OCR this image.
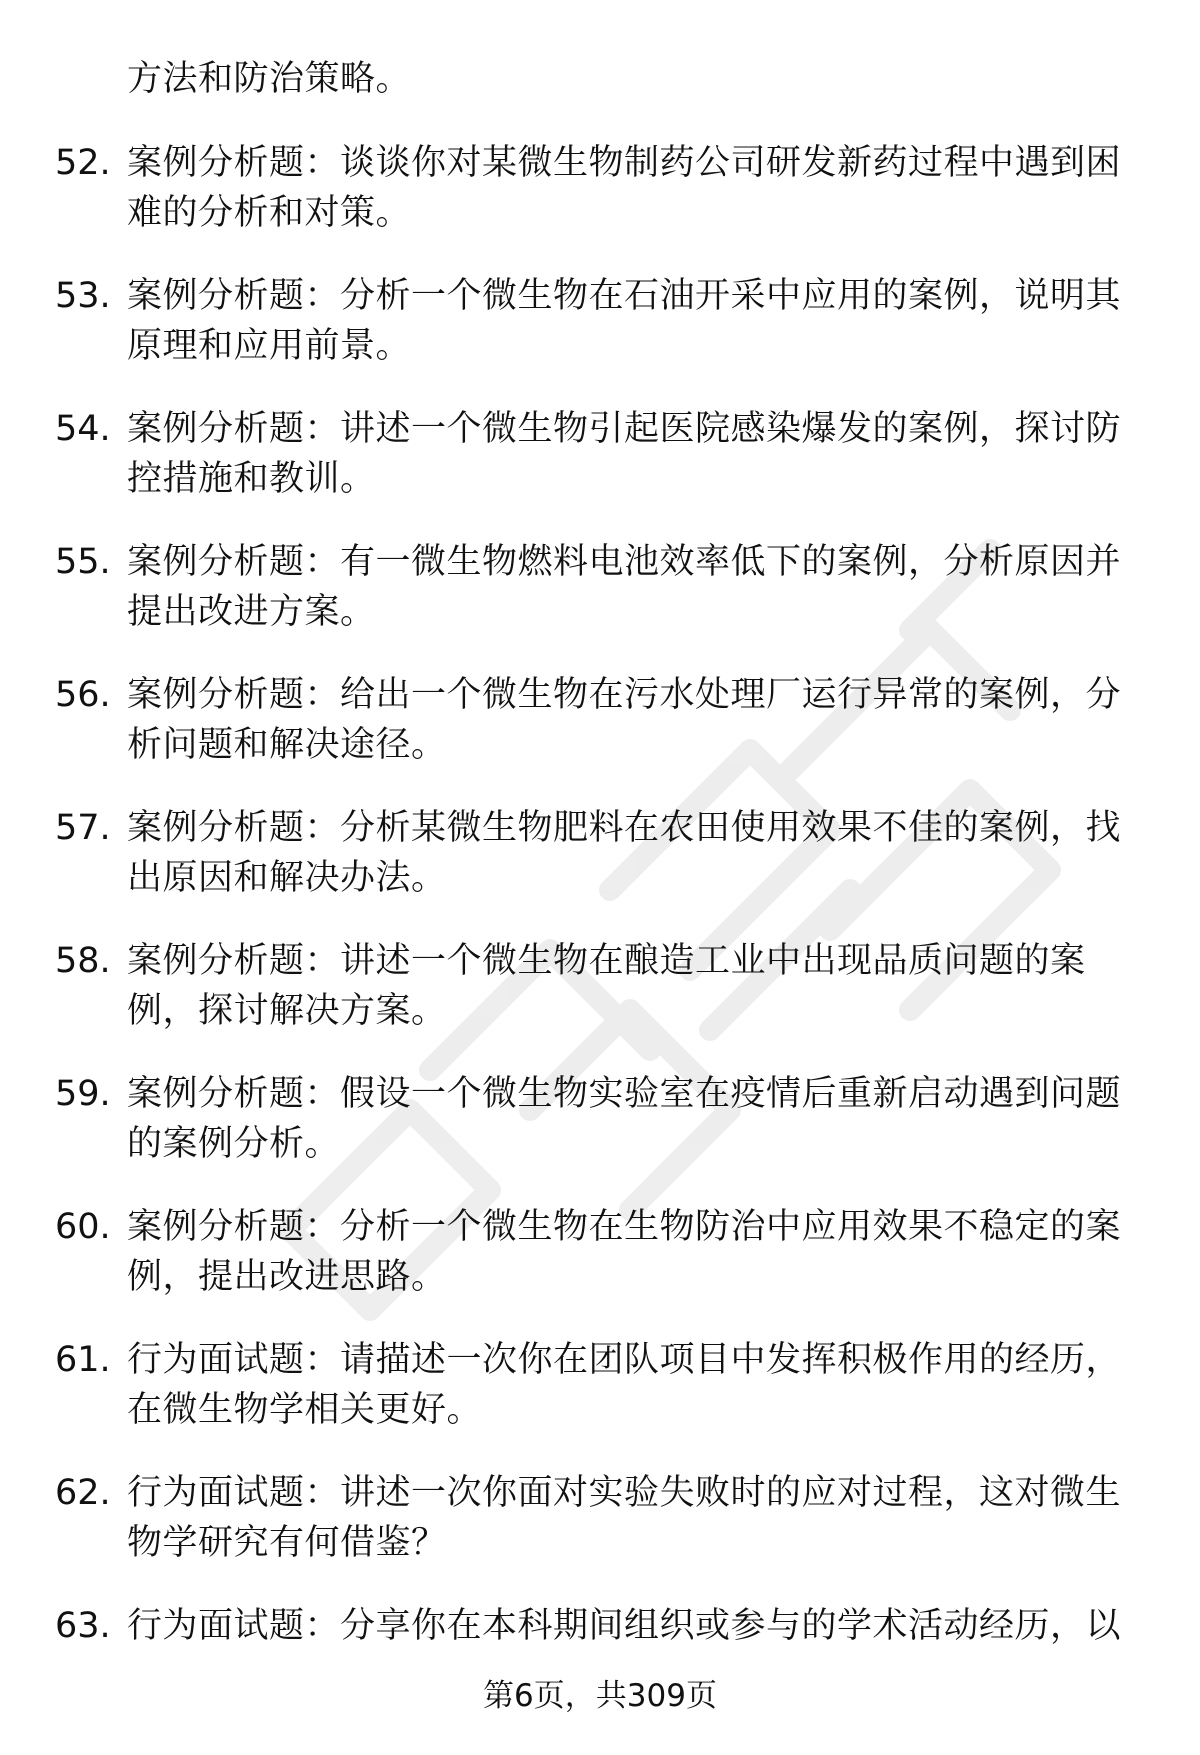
方法和防治策略。
52. 案例分析题：谈谈你对某微生物制药公司研发新药过程中遇到困难的分析和对策。
53. 案例分析题：分析一个微生物在石油开采中应用的案例，说明其原理和应用前景。
54. 案例分析题：讲述一个微生物引起医院感染爆发的案例，探讨防控措施和教训。
55. 案例分析题：有一微生物燃料电池效率低下的案例，分析原因并提出改进方案。
56. 案例分析题：给出一个微生物在污水处理厂运行异常的案例，分析问题和解决途径。
57. 案例分析题：分析某微生物肥料在农田使用效果不佳的案例，找出原因和解决办法。
58. 案例分析题：讲述一个微生物在酿造工业中出现品质问题的案例，探讨解决方案。
59. 案例分析题：假设一个微生物实验室在疫情后重新启动遇到问题的案例分析。
60. 案例分析题：分析一个微生物在生物防治中应用效果不稳定的案例，提出改进思路。
61. 行为面试题：请描述一次你在团队项目中发挥积极作用的经历，在微生物学相关更好。
62. 行为面试题：讲述一次你面对实验失败时的应对过程，这对微生物学研究有何借鉴？
63. 行为面试题：分享你在本科期间组织或参与的学术活动经历，以
第6页，共309页
